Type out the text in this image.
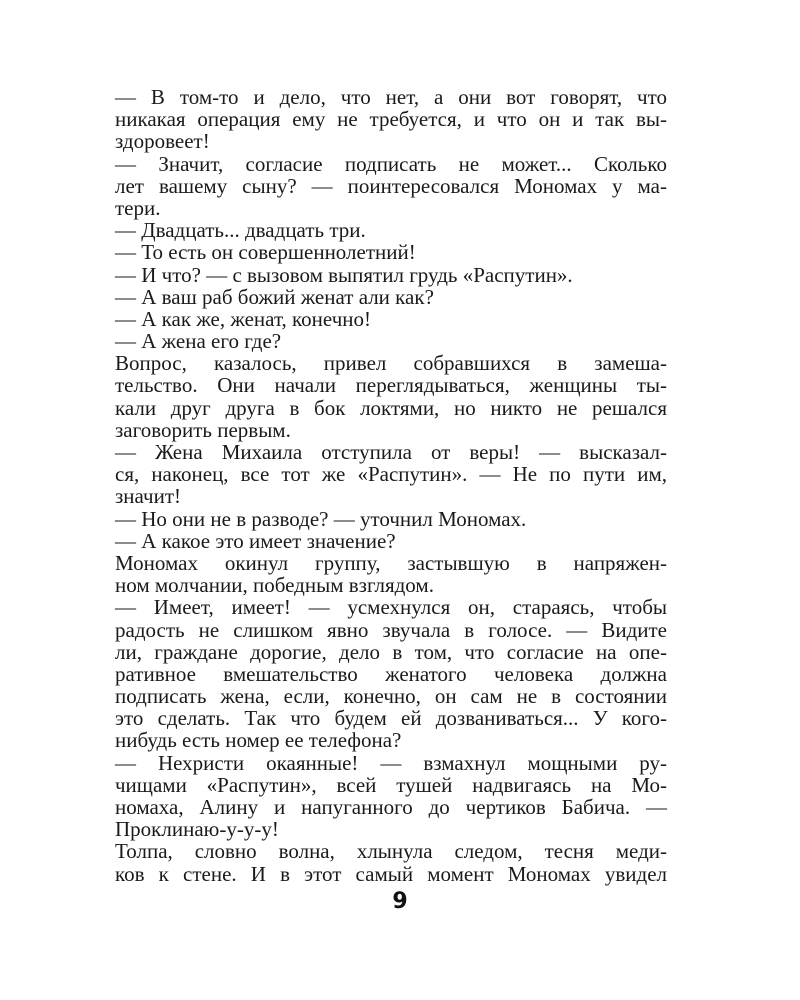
— В том-то и дело, что нет, а они вот говорят, что
никакая операция ему не требуется, и что он и так вы-
здоровеет!
— Значит, согласие подписать не может... Сколько
лет вашему сыну? — поинтересовался Мономах у ма-
тери.
— Двадцать... двадцать три.
— То есть он совершеннолетний!
— И что? — с вызовом выпятил грудь «Распутин».
— А ваш раб божий женат али как?
— А как же, женат, конечно!
— А жена его где?
Вопрос, казалось, привел собравшихся в замеша-
тельство. Они начали переглядываться, женщины ты-
кали друг друга в бок локтями, но никто не решался
заговорить первым.
— Жена Михаила отступила от веры! — высказал-
ся, наконец, все тот же «Распутин». — Не по пути им,
значит!
— Но они не в разводе? — уточнил Мономах.
— А какое это имеет значение?
Мономах окинул группу, застывшую в напряжен-
ном молчании, победным взглядом.
— Имеет, имеет! — усмехнулся он, стараясь, чтобы
радость не слишком явно звучала в голосе. — Видите
ли, граждане дорогие, дело в том, что согласие на опе-
ративное вмешательство женатого человека должна
подписать жена, если, конечно, он сам не в состоянии
это сделать. Так что будем ей дозваниваться... У кого-
нибудь есть номер ее телефона?
— Нехристи окаянные! — взмахнул мощными ру-
чищами «Распутин», всей тушей надвигаясь на Мо-
номаха, Алину и напуганного до чертиков Бабича. —
Проклинаю-у-у-у!
Толпа, словно волна, хлынула следом, тесня меди-
ков к стене. И в этот самый момент Мономах увидел
9
